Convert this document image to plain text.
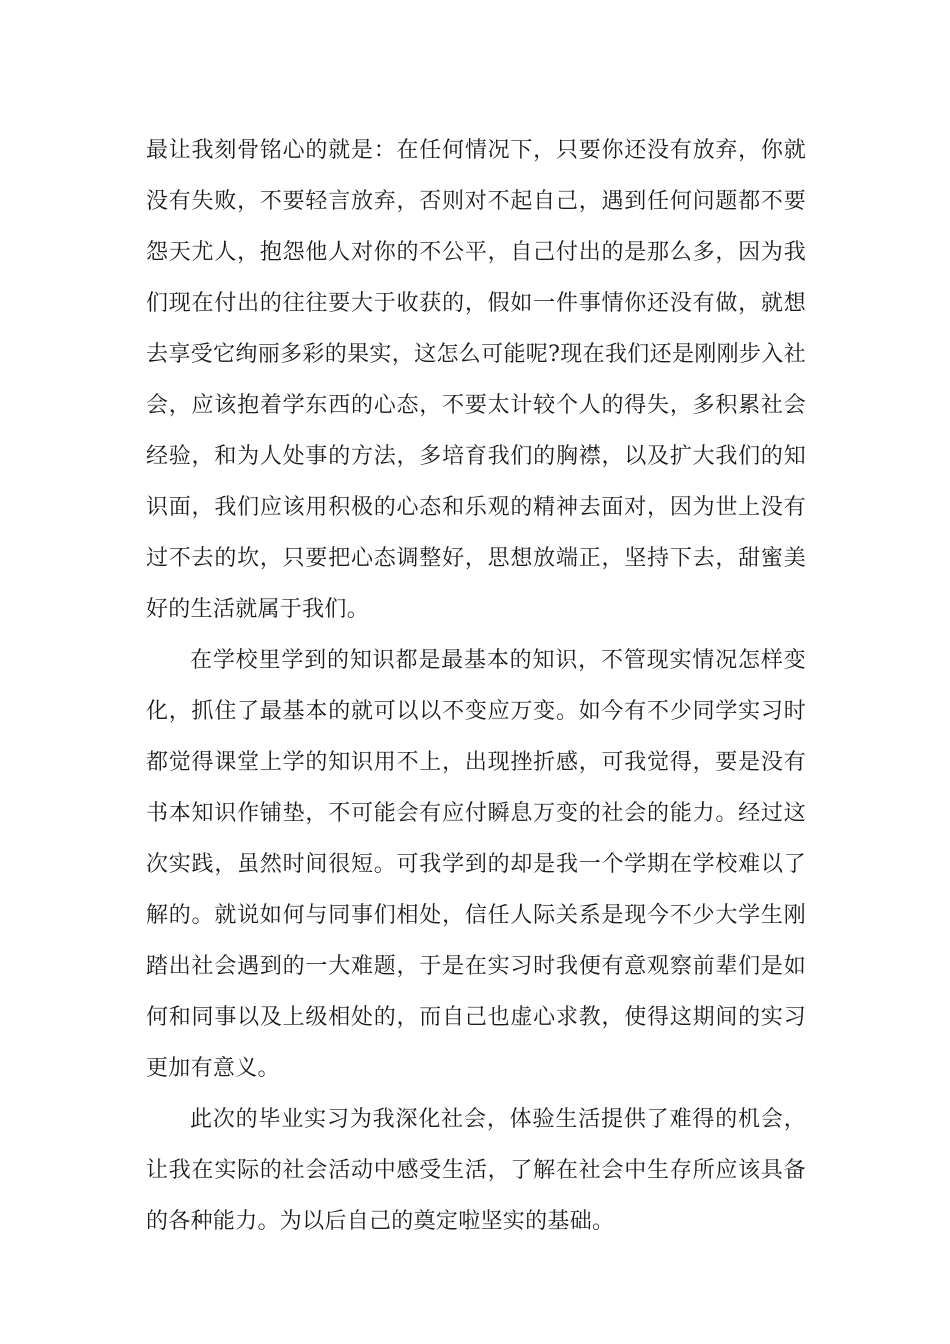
最让我刻骨铭心的就是：在任何情况下，只要你还没有放弃，你就没有失败，不要轻言放弃，否则对不起自己，遇到任何问题都不要怨天尤人，抱怨他人对你的不公平，自己付出的是那么多，因为我们现在付出的往往要大于收获的，假如一件事情你还没有做，就想去享受它绚丽多彩的果实，这怎么可能呢?现在我们还是刚刚步入社会，应该抱着学东西的心态，不要太计较个人的得失，多积累社会经验，和为人处事的方法，多培育我们的胸襟，以及扩大我们的知识面，我们应该用积极的心态和乐观的精神去面对，因为世上没有过不去的坎，只要把心态调整好，思想放端正，坚持下去，甜蜜美好的生活就属于我们。

在学校里学到的知识都是最基本的知识，不管现实情况怎样变化，抓住了最基本的就可以以不变应万变。如今有不少同学实习时都觉得课堂上学的知识用不上，出现挫折感，可我觉得，要是没有书本知识作铺垫，不可能会有应付瞬息万变的社会的能力。经过这次实践，虽然时间很短。可我学到的却是我一个学期在学校难以了解的。就说如何与同事们相处，信任人际关系是现今不少大学生刚踏出社会遇到的一大难题，于是在实习时我便有意观察前辈们是如何和同事以及上级相处的，而自己也虚心求教，使得这期间的实习更加有意义。

此次的毕业实习为我深化社会，体验生活提供了难得的机会，让我在实际的社会活动中感受生活，了解在社会中生存所应该具备的各种能力。为以后自己的奠定啦坚实的基础。
